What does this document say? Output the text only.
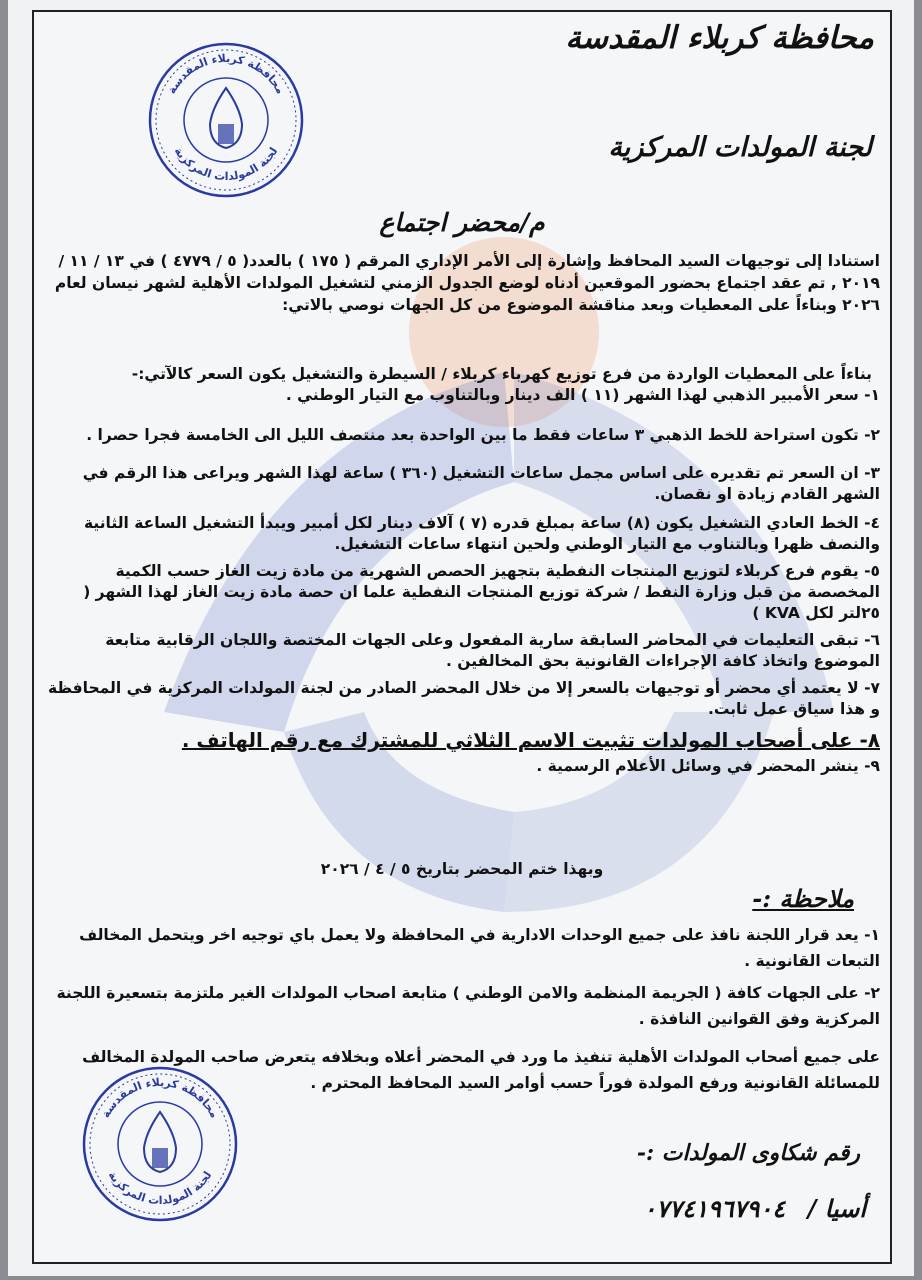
محافظة كربلاء المقدسة
لجنة المولدات المركزية
محافظة كربلاء المقدسة
لجنة المولدات المركزية
محافظة كربلاء المقدسة
لجنة المولدات المركزية
م/محضر اجتماع
استنادا إلى توجيهات السيد المحافظ وإشارة إلى الأمر الإداري المرقم ( ١٧٥ ) بالعدد( ٥ / ٤٧٧٩ ) في ١٣ / ١١ / ٢٠١٩ , تم عقد اجتماع بحضور الموقعين أدناه لوضع الجدول الزمني لتشغيل المولدات الأهلية لشهر نيسان لعام ٢٠٢٦ وبناءاً على المعطيات وبعد مناقشة الموضوع من كل الجهات نوصي بالاتي:
بناءاً على المعطيات الواردة من فرع توزيع كهرباء كربلاء / السيطرة والتشغيل يكون السعر كالآتي:-
١- سعر الأمبير الذهبي لهذا الشهر (١١ ) الف دينار وبالتناوب مع التيار الوطني .
٢- تكون استراحة للخط الذهبي ٣ ساعات فقط ما بين الواحدة بعد منتصف الليل الى الخامسة فجرا حصرا .
٣- ان السعر تم تقديره على اساس مجمل ساعات التشغيل (٣٦٠ ) ساعة لهذا الشهر ويراعى هذا الرقم في الشهر القادم زيادة او نقصان.
٤- الخط العادي التشغيل يكون (٨) ساعة بمبلغ قدره (٧ ) آلاف دينار لكل أمبير ويبدأ التشغيل الساعة الثانية والنصف ظهرا وبالتناوب مع التيار الوطني ولحين انتهاء ساعات التشغيل.
٥- يقوم فرع كربلاء لتوزيع المنتجات النفطية بتجهيز الحصص الشهرية من مادة زيت الغاز حسب الكمية المخصصة من قبل وزارة النفط / شركة توزيع المنتجات النفطية علما ان حصة مادة زيت الغاز لهذا الشهر ( ٢٥لتر لكل KVA )
٦- تبقى التعليمات في المحاضر السابقة سارية المفعول وعلى الجهات المختصة واللجان الرقابية متابعة الموضوع واتخاذ كافة الإجراءات القانونية بحق المخالفين .
٧- لا يعتمد أي محضر أو توجيهات بالسعر إلا من خلال المحضر الصادر من لجنة المولدات المركزية في المحافظة و هذا سياق عمل ثابت.
٨- على أصحاب المولدات تثبيت الاسم الثلاثي للمشترك مع رقم الهاتف .
٩- ينشر المحضر في وسائل الأعلام الرسمية .
وبهذا ختم المحضر بتاريخ ٥ / ٤ / ٢٠٢٦
ملاحظة :-
١- يعد قرار اللجنة نافذ على جميع الوحدات الادارية في المحافظة ولا يعمل باي توجيه اخر ويتحمل المخالف التبعات القانونية .
٢- على الجهات كافة ( الجريمة المنظمة والامن الوطني ) متابعة اصحاب المولدات الغير ملتزمة بتسعيرة اللجنة المركزية وفق القوانين النافذة .
على جميع أصحاب المولدات الأهلية تنفيذ ما ورد في المحضر أعلاه وبخلافه يتعرض صاحب المولدة المخالف للمسائلة القانونية ورفع المولدة فوراً حسب أوامر السيد المحافظ المحترم .
رقم شكاوى المولدات :-
أسيا / ٠٧٧٤١٩٦٧٩٠٤
